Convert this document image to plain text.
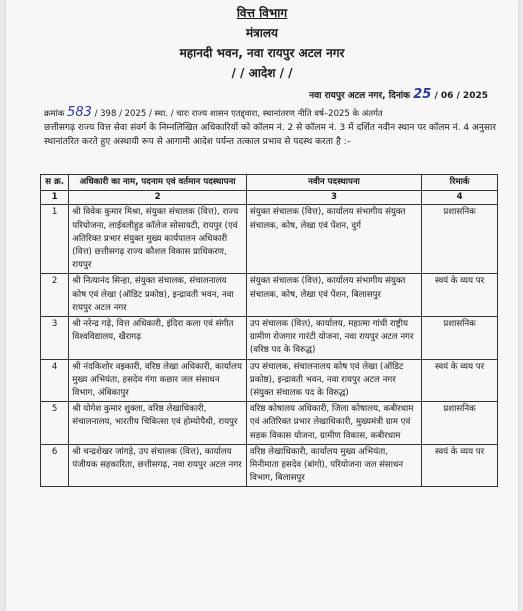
वित्त विभाग
मंत्रालय
महानदी भवन, नवा रायपुर अटल नगर
/ / आदेश / /
नवा रायपुर अटल नगर, दिनांक 25 / 06 / 2025
क्रमांक 583 / 398 / 2025 / स्था. / चारः राज्य शासन एतद्द्वारा, स्थानांतरण नीति वर्ष–2025 के अंतर्गत
छत्तीसगढ़ राज्य वित्त सेवा संवर्ग के निम्नलिखित अधिकारियों को कॉलम नं. 2 से कॉलम नं. 3 में दर्शित नवीन स्थान पर कॉलम नं. 4 अनुसार स्थानांतरित करते हुए अस्थायी रूप से आगामी आदेश पर्यन्त तत्काल प्रभाव से पदस्थ करता है :–
स क्र.	अधिकारी का नाम, पदनाम एवं वर्तमान पदस्थापना	नवीन पदस्थापना	रिमार्क
1	2	3	4
1	श्री विवेक कुमार मिश्रा, संयुक्त संचालक (वित्त), राज्य परियोजना, लाईवलीहुड कॉलेज सोसायटी, रायपुर (एवं अतिरिक्त प्रभार संयुक्त मुख्य कार्यपालन अधिकारी (वित्त) छत्तीसगढ़ राज्य कौशल विकास प्राधिकरण, रायपुर	संयुक्त संचालक (वित्त), कार्यालय संभागीय संयुक्त संचालक, कोष, लेखा एवं पेंशन, दुर्ग	प्रशासनिक
2	श्री नित्यानंद सिन्हा, संयुक्त संचालक, संचालनालय कोष एवं लेखा (ऑडिट प्रकोष्ठ), इन्द्रावती भवन, नवा रायपुर अटल नगर	संयुक्त संचालक (वित्त), कार्यालय संभागीय संयुक्त संचालक, कोष, लेखा एवं पेंशन, बिलासपुर	स्वयं के व्यय पर
3	श्री नरेन्द्र गढ़े, वित्त अधिकारी, इंदिरा कला एवं संगीत विश्वविद्यालय, खैरागढ़	उप संचालक (वित्त), कार्यालय, महात्मा गांधी राष्ट्रीय ग्रामीण रोजगार गारंटी योजना, नवा रायपुर अटल नगर (वरिष्ठ पद के विरुद्ध)	प्रशासनिक
4	श्री नंदकिशोर वझ्कारी, वरिष्ठ लेखा अधिकारी, कार्यालय मुख्य अभियंता, हसदेव गंगा कछार जल संसाधन विभाग, अंबिकापुर	उप संचालक, संचालनालय कोष एवं लेखा (ऑडिट प्रकोष्ठ), इन्द्रावती भवन, नवा रायपुर अटल नगर (संयुक्त संचालक पद के विरुद्ध)	स्वयं के व्यय पर
5	श्री योगेश कुमार शुक्ला, वरिष्ठ लेखाधिकारी, संचालनालय, भारतीय चिकित्सा एवं होम्योपैथी, रायपुर	वरिष्ठ कोषालय अधिकारी, जिला कोषालय, कबीरधाम एवं अतिरिक्त प्रभार लेखाधिकारी, मुख्यमंत्री ग्राम एवं सड़क विकास योजना, ग्रामीण विकास, कबीरधाम	प्रशासनिक
6	श्री चन्द्रशेखर जांगड़े, उप संचालक (वित्त), कार्यालय पंजीयक सहकारिता, छत्तीसगढ़, नवा रायपुर अटल नगर	वरिष्ठ लेखाधिकारी, कार्यालय मुख्य अभियंता, मिनीमाता हसदेव (बांगो), परियोजना जल संसाधन विभाग, बिलासपुर	स्वयं के व्यय पर
